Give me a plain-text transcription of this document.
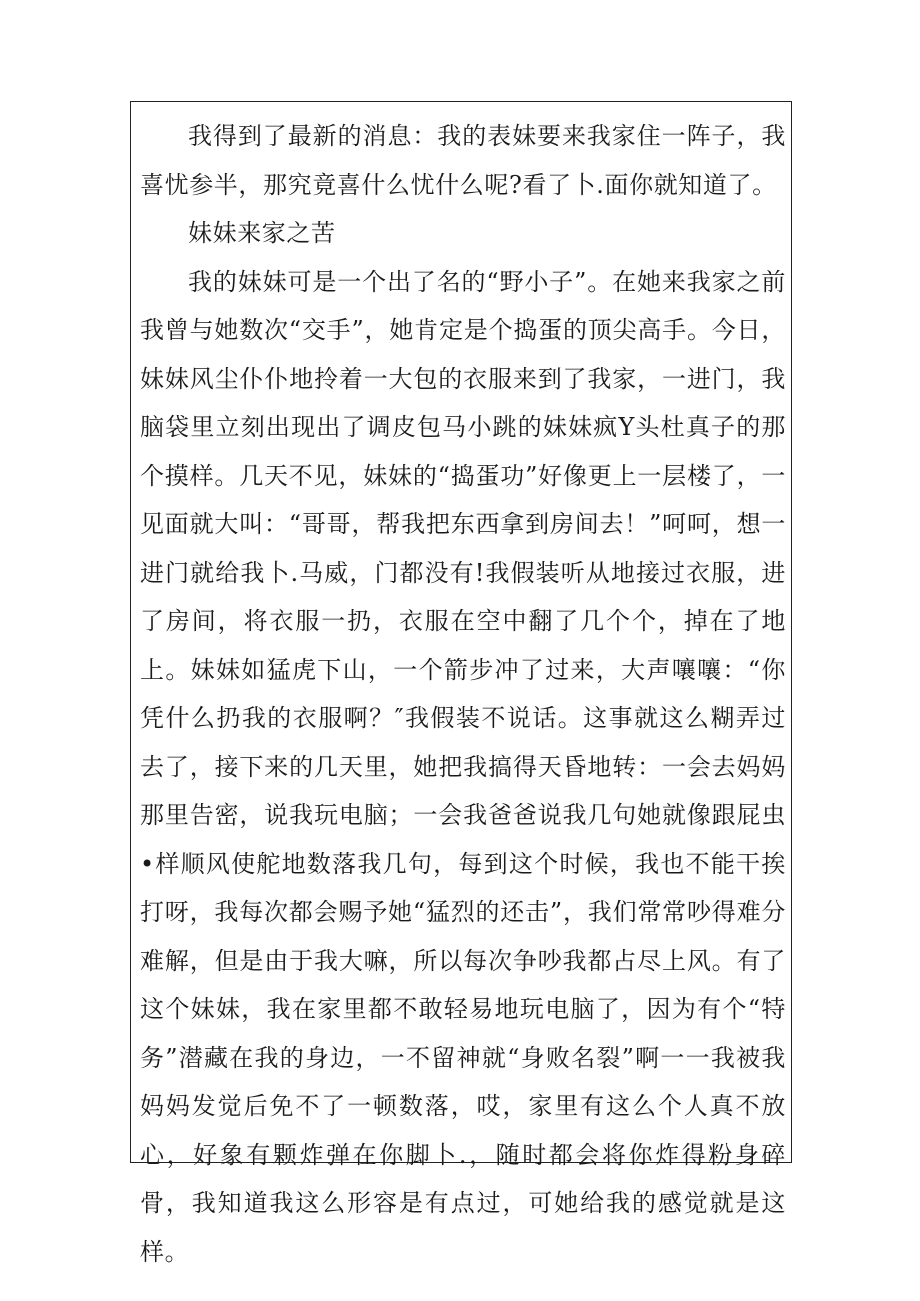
我得到了最新的消息：我的表妹要来我家住一阵子，我喜忧参半，那究竟喜什么忧什么呢?看了卜.面你就知道了。

妹妹来家之苦

我的妹妹可是一个出了名的“野小子”。在她来我家之前我曾与她数次“交手”，她肯定是个捣蛋的顶尖高手。今日，妹妹风尘仆仆地拎着一大包的衣服来到了我家，一进门，我脑袋里立刻出现出了调皮包马小跳的妹妹疯Y头杜真子的那个摸样。几天不见，妹妹的“捣蛋功”好像更上一层楼了，一见面就大叫：“哥哥，帮我把东西拿到房间去！”呵呵，想一进门就给我卜.马威，门都没有!我假装听从地接过衣服，进了房间，将衣服一扔，衣服在空中翻了几个个，掉在了地上。妹妹如猛虎下山，一个箭步冲了过来，大声嚷嚷：“你凭什么扔我的衣服啊？″我假装不说话。这事就这么糊弄过去了，接下来的几天里，她把我搞得天昏地转：一会去妈妈那里告密，说我玩电脑；一会我爸爸说我几句她就像跟屁虫•样顺风使舵地数落我几句，每到这个时候，我也不能干挨打呀，我每次都会赐予她“猛烈的还击”，我们常常吵得难分难解，但是由于我大嘛，所以每次争吵我都占尽上风。有了这个妹妹，我在家里都不敢轻易地玩电脑了，因为有个“特务”潜藏在我的身边，一不留神就“身败名裂”啊一一我被我妈妈发觉后免不了一顿数落，哎，家里有这么个人真不放心，好象有颗炸弹在你脚卜.，随时都会将你炸得粉身碎骨，我知道我这么形容是有点过，可她给我的感觉就是这样。
